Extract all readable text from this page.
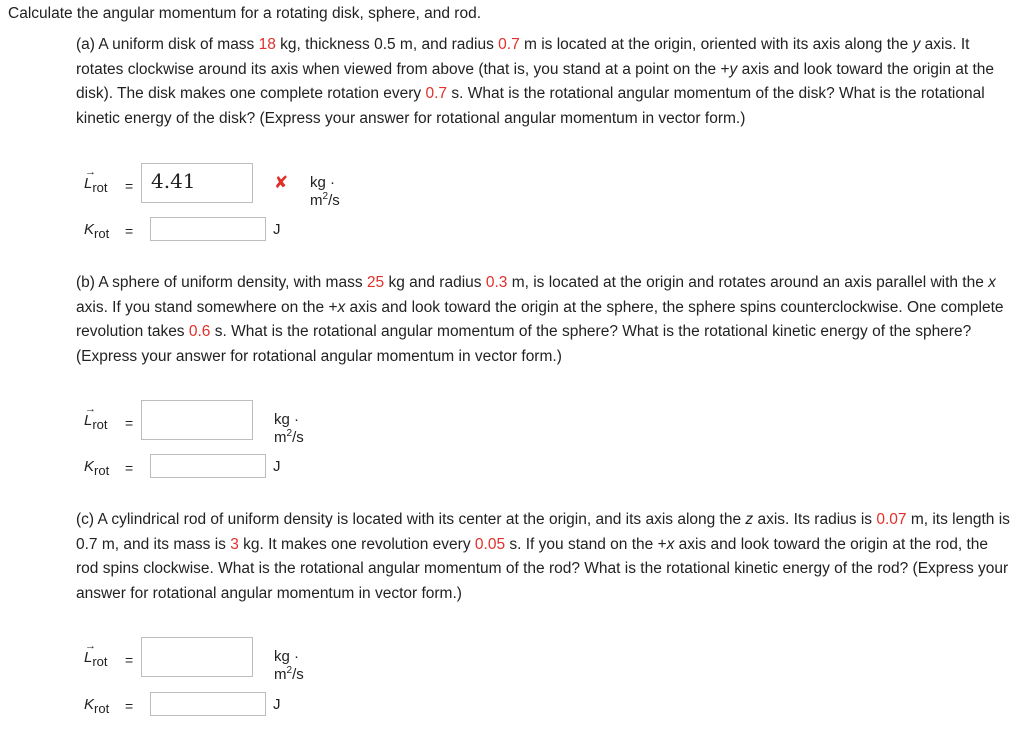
Calculate the angular momentum for a rotating disk, sphere, and rod.
(a) A uniform disk of mass 18 kg, thickness 0.5 m, and radius 0.7 m is located at the origin, oriented with its axis along the y axis. It rotates clockwise around its axis when viewed from above (that is, you stand at a point on the +y axis and look toward the origin at the disk). The disk makes one complete rotation every 0.7 s. What is the rotational angular momentum of the disk? What is the rotational kinetic energy of the disk? (Express your answer for rotational angular momentum in vector form.)
→
$L_{rot} = 4.41$	✘ kg · $m^2/s$
$K_{rot}$ =	J
(b) A sphere of uniform density, with mass 25 kg and radius 0.3 m, is located at the origin and rotates around an axis parallel with the x axis. If you stand somewhere on the +x axis and look toward the origin at the sphere, the sphere spins counterclockwise. One complete revolution takes 0.6 s. What is the rotational angular momentum of the sphere? What is the rotational kinetic energy of the sphere? (Express your answer for rotational angular momentum in vector form.)
→
$L_{rot}$ =	kg · $m^2/s$
$K_{rot}$ =	J
(c) A cylindrical rod of uniform density is located with its center at the origin, and its axis along the z axis. Its radius is 0.07 m, its length is 0.7 m, and its mass is 3 kg. It makes one revolution every 0.05 s. If you stand on the +x axis and look toward the origin at the rod, the rod spins clockwise. What is the rotational angular momentum of the rod? What is the rotational kinetic energy of the rod? (Express your answer for rotational angular momentum in vector form.)
→
$L_{rot}$ =	kg · $m^2/s$
$K_{rot}$ =	J
